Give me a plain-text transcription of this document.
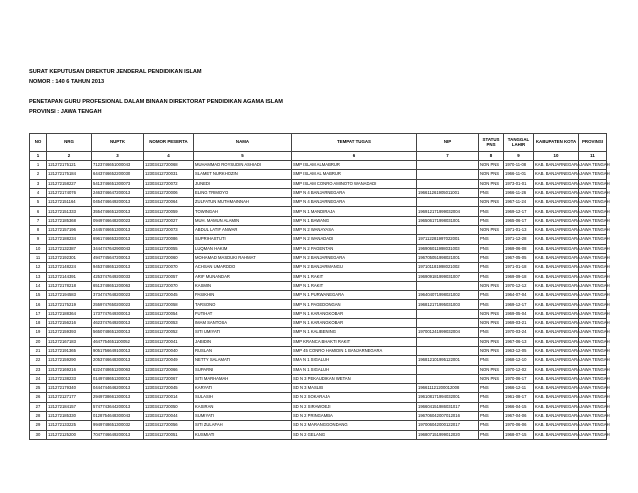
SURAT KEPUTUSAN DIREKTUR JENDERAL PENDIDIKAN ISLAM
NOMOR : 140 6 TAHUN 2013
PENETAPAN GURU PROFESIONAL DALAM BINAAN DIREKTORAT PENDIDIKAN AGAMA ISLAM
PROVINSI : JAWA TENGAH
NO	NRG	NUPTK	NOMOR PESERTA	NAMA	TEMPAT TUGAS	NIP	STATUS PNS	TANGGAL LAHIR	KABUPATEN KOTA	PROVINSI
1	2	3	4	5	6	7	8	9	10	11
1	121272175121	7123746651000043	12303412720068	MUHAMMAD ROYSUDIN ASHIADI	SMP ISLAM ALMABRUR		NON PNS	1970-11-08	KAB. BANJARNEGARA	JAWA TENGAH
2	121272175184	6443746652200030	12303412720031	SLAMET NURKHOZIN	SMP ISLAM AL MABRUR		NON PNS	1966-11-01	KAB. BANJARNEGARA	JAWA TENGAH
3	121272158227	5413746651300073	12303412720072	JUNEDI	SMP ISLAM CONRO AMINOTO WANADADI		NON PNS	1973-01-01	KAB. BANJARNEGARA	JAWA TENGAH
4	121272174076	2463746647200013	12303412720006	ELING TRIMOYO	SMP N 4 BANJARNEGARA	196611261905011001	PNS	1966-11-26	KAB. BANJARNEGARA	JAWA TENGAH
5	121272151164	0454746649200013	12303412720064	ZULFATUN MUTHMAINNAH	SMP N 4 BANJARNEGARA		NON PNS	1967-11-24	KAB. BANJARNEGARA	JAWA TENGAH
6	121272151333	3554746651200013	12303412720059	TOWINGAH	SMP N 1 MANDIRAJA	196912171999032004	PNS	1969-12-17	KAB. BANJARNEGARA	JAWA TENGAH
7	121272185368	0949746648200023	12303412720027	MUH. MAMUN ALAMIN	SMP N 1 BAWANG	196506171998031001	PNS	1965-06-17	KAB. BANJARNEGARA	JAWA TENGAH
8	121272157196	2445746651300013	12303412720073	ABDUL LATIF ANWAR	SMP N 2 WANAYASA		NON PNS	1971-01-13	KAB. BANJARNEGARA	JAWA TENGAH
9	121272188234	6961746653200013	12303412720086	SUPRIHASTUTI	SMP N 2 WANADADI	197112281997022001	PNS	1971-12-28	KAB. BANJARNEGARA	JAWA TENGAH
10	121272132387	3444747642900043	12303412720055	LUQMAN HAKIM	SMP N 2 PAGENTAN	196906011998031003	PNS	1969-06-08	KAB. BANJARNEGARA	JAWA TENGAH
11	121272192301	4947745647200013	12303412720060	MOHAMAD MASDUKI RAHMAT	SMP N 2 BANJARNEGARA	196705051998021001	PNS	1967-05-05	KAB. BANJARNEGARA	JAWA TENGAH
12	121272148224	9453748651200013	12303412720070	ACHSAN UMARDDO	SMP N 2 BANJARMANGU	197101181998021002	PNS	1971-01-18	KAB. BANJARNEGARA	JAWA TENGAH
13	121272144391	4253747649200033	12303412720057	ARIF MUNANDAR	SMP N 1 RAKIT	196909181999031007	PNS	1969-09-18	KAB. BANJARNEGARA	JAWA TENGAH
14	121272178218	6513748651200063	12303412720070	KASMIN	SMP N 1 RAKIT		NON PNS	1970-12-12	KAB. BANJARNEGARA	JAWA TENGAH
15	121272194583	3734747648200023	12303412720045	PASIKHIN	SMP N 1 PURWANEGARA	196404071998021002	PNS	1964-07-04	KAB. BANJARNEGARA	JAWA TENGAH
16	121272175219	2559747650200023	12303412720058	TARSONO	SMP N 1 PAGEDONGAN	196812171995031003	PNS	1969-12-17	KAB. BANJARNEGARA	JAWA TENGAH
17	121272188364	1737747649300013	12303412720054	FUTIHAT	SMP N 1 KARANGKOBAR		NON PNS	1969-05-04	KAB. BANJARNEGARA	JAWA TENGAH
18	121272156216	4623747649200013	12303412720053	IMAM SANTOSA	SMP N 1 KARANGKOBAR		NON PNS	1969-03-21	KAB. BANJARNEGARA	JAWA TENGAH
19	121272159393	5650748651300013	12303412720052	SITI UMIYATI	SMP N 1 KALIBENING	197001241999032004	PNS	1970-03-24	KAB. BANJARNEGARA	JAWA TENGAH
20	121272167183	4647754651100052	12303412720041	JABIDIN	SMP KRANCA BHAKTI RAKIT		NON PNS	1967-06-13	KAB. BANJARNEGARA	JAWA TENGAH
21	121272191365	9051756649100013	12303412720040	RUSLAN	SMP 45 CONRO HAMIDIN 1 BANJARNEGARA		NON PNS	1963-12-05	KAB. BANJARNEGARA	JAWA TENGAH
22	121272159290	2053746648300013	12303412720049	NETTY SALAMATI	SMA N 1 SIGALUH	196812101995122001	PNS	1968-12-10	KAB. BANJARNEGARA	JAWA TENGAH
23	121272169216	6224748651200063	12303412720066	SUPARNI	SMA N 1 SIGALUH		NON PNS	1970-12-02	KAB. BANJARNEGARA	JAWA TENGAH
24	121272138233	0149748651300013	12303412720067	SITI MARHAMAH	SD N 3 PEKAUDIKAN WETAN		NON PNS	1970-06-17	KAB. BANJARNEGARA	JAWA TENGAH
25	121272179340	0444744646200013	12303412720045	KARYATI	SD N 3 MASLIB	196611121200012008	PNS	1966-12-11	KAB. BANJARNEGARA	JAWA TENGAH
26	121272127177	2949738661300013	12303412720014	SULASIH	SD N 2 SOKARAJA	196108171994032001	PNS	1961-08-17	KAB. BANJARNEGARA	JAWA TENGAH
27	121272184157	5747743644200013	12303412720050	KASIRAN	SD N 2 SIRAWOEJI	196604151986031017	PNS	1966-04-15	KAB. BANJARNEGARA	JAWA TENGAH
28	121272185330	0128754648300043	12303412720044	SUMIYATI	SD N 2 PRINGAMBA	196706042007012016	PNS	1967-04-06	KAB. BANJARNEGARA	JAWA TENGAH
29	121272133225	9949748651300032	12303412720056	SITI ZULAFAH	SD N 2 MARANGGONDANG	197006042000122017	PNS	1970-06-06	KAB. BANJARNEGARA	JAWA TENGAH
30	121272125200	7047746649200013	12303412720051	KUSMIATI	SD N 2 GELANG	196807151999012020	PNS	1968-07-15	KAB. BANJARNEGARA	JAWA TENGAH
